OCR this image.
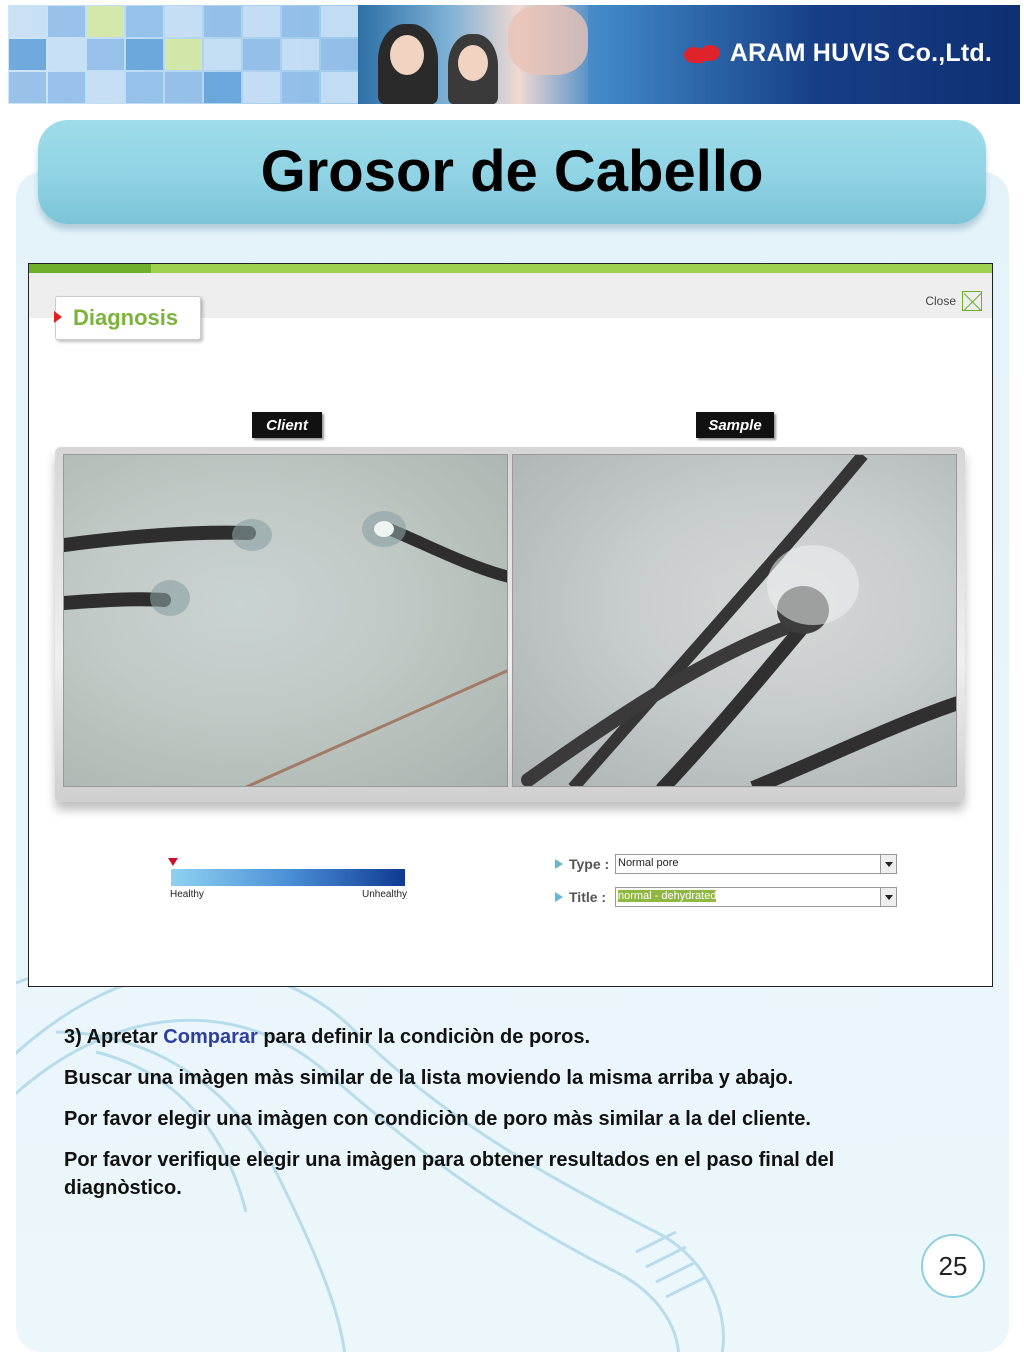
ARAM HUVIS Co.,Ltd.
Grosor de Cabello
Close
Diagnosis
Client	Sample
Healthy	Unhealthy
Type : Normal pore
Title :	normal - dehydrated
3) Apretar Comparar para definir la condiciòn de poros.
Buscar una imàgen màs similar de la lista moviendo la misma arriba y abajo.
Por favor elegir una imàgen con condiciòn de poro màs similar a la del cliente.
Por favor verifique elegir una imàgen para obtener resultados en el paso final del diagnòstico.
25
